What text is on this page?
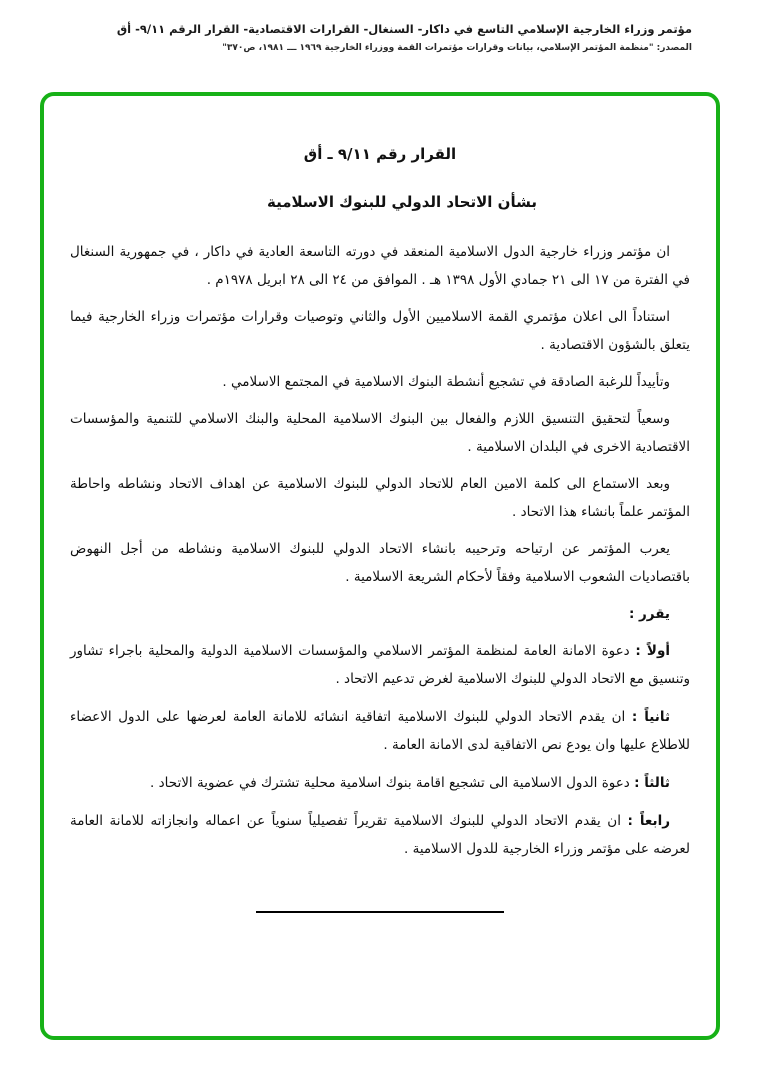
مؤتمر وزراء الخارجية الإسلامي التاسع في داكار- السنغال- القرارات الاقتصادية- القرار الرقم ٩/١١- أق
المصدر: "منظمة المؤتمر الإسلامي، بيانات وقرارات مؤتمرات القمة ووزراء الخارجية ١٩٦٩ ـــ ١٩٨١، ص٣٧٠"
القرار رقم ٩/١١ ـ أق
بشأن الاتحاد الدولي للبنوك الاسلامية

ان مؤتمر وزراء خارجية الدول الاسلامية المنعقد في دورته التاسعة العادية في داكار ، في جمهورية السنغال في الفترة من ١٧ الى ٢١ جمادي الأول ١٣٩٨ هـ . الموافق من ٢٤ الى ٢٨ ابريل ١٩٧٨م .

استناداً الى اعلان مؤتمري القمة الاسلاميين الأول والثاني وتوصيات وقرارات مؤتمرات وزراء الخارجية فيما يتعلق بالشؤون الاقتصادية .

وتأييداً للرغبة الصادقة في تشجيع أنشطة البنوك الاسلامية في المجتمع الاسلامي .

وسعياً لتحقيق التنسيق اللازم والفعال بين البنوك الاسلامية المحلية والبنك الاسلامي للتنمية والمؤسسات الاقتصادية الاخرى في البلدان الاسلامية .

وبعد الاستماع الى كلمة الامين العام للاتحاد الدولي للبنوك الاسلامية عن اهداف الاتحاد ونشاطه واحاطة المؤتمر علماً بانشاء هذا الاتحاد .

يعرب المؤتمر عن ارتياحه وترحيبه بانشاء الاتحاد الدولي للبنوك الاسلامية ونشاطه من أجل النهوض باقتصاديات الشعوب الاسلامية وفقاً لأحكام الشريعة الاسلامية .

يقرر :

أولاً : دعوة الامانة العامة لمنظمة المؤتمر الاسلامي والمؤسسات الاسلامية الدولية والمحلية باجراء تشاور وتنسيق مع الاتحاد الدولي للبنوك الاسلامية لغرض تدعيم الاتحاد .

ثانياً : ان يقدم الاتحاد الدولي للبنوك الاسلامية اتفاقية انشائه للامانة العامة لعرضها على الدول الاعضاء للاطلاع عليها وان يودع نص الاتفاقية لدى الامانة العامة .

ثالثاً : دعوة الدول الاسلامية الى تشجيع اقامة بنوك اسلامية محلية تشترك في عضوية الاتحاد .

رابعاً : ان يقدم الاتحاد الدولي للبنوك الاسلامية تقريراً تفصيلياً سنوياً عن اعماله وانجازاته للامانة العامة لعرضه على مؤتمر وزراء الخارجية للدول الاسلامية .
